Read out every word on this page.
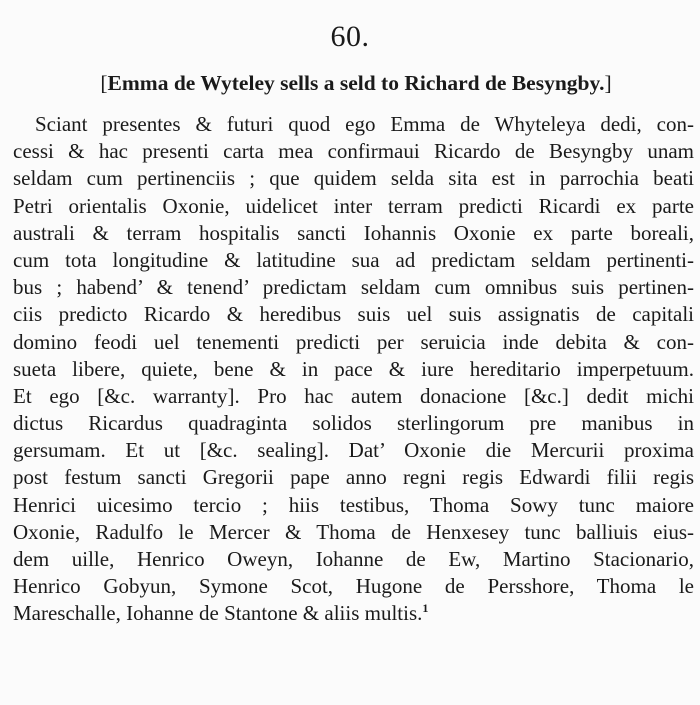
60.
[Emma de Wyteley sells a seld to Richard de Besyngby.]
Sciant presentes & futuri quod ego Emma de Whyteleya dedi, con-
cessi & hac presenti carta mea confirmaui Ricardo de Besyngby unam
seldam cum pertinenciis ; que quidem selda sita est in parrochia beati
Petri orientalis Oxonie, uidelicet inter terram predicti Ricardi ex parte
australi & terram hospitalis sancti Iohannis Oxonie ex parte boreali,
cum tota longitudine & latitudine sua ad predictam seldam pertinenti-
bus ; habend’ & tenend’ predictam seldam cum omnibus suis pertinen-
ciis predicto Ricardo & heredibus suis uel suis assignatis de capitali
domino feodi uel tenementi predicti per seruicia inde debita & con-
sueta libere, quiete, bene & in pace & iure hereditario imperpetuum.
Et ego [&c. warranty]. Pro hac autem donacione [&c.] dedit michi
dictus Ricardus quadraginta solidos sterlingorum pre manibus in
gersumam. Et ut [&c. sealing]. Dat’ Oxonie die Mercurii proxima
post festum sancti Gregorii pape anno regni regis Edwardi filii regis
Henrici uicesimo tercio ; hiis testibus, Thoma Sowy tunc maiore
Oxonie, Radulfo le Mercer & Thoma de Henxesey tunc balliuis eius-
dem uille, Henrico Oweyn, Iohanne de Ew, Martino Stacionario,
Henrico Gobyun, Symone Scot, Hugone de Persshore, Thoma le
Mareschalle, Iohanne de Stantone & aliis multis.$^1$
